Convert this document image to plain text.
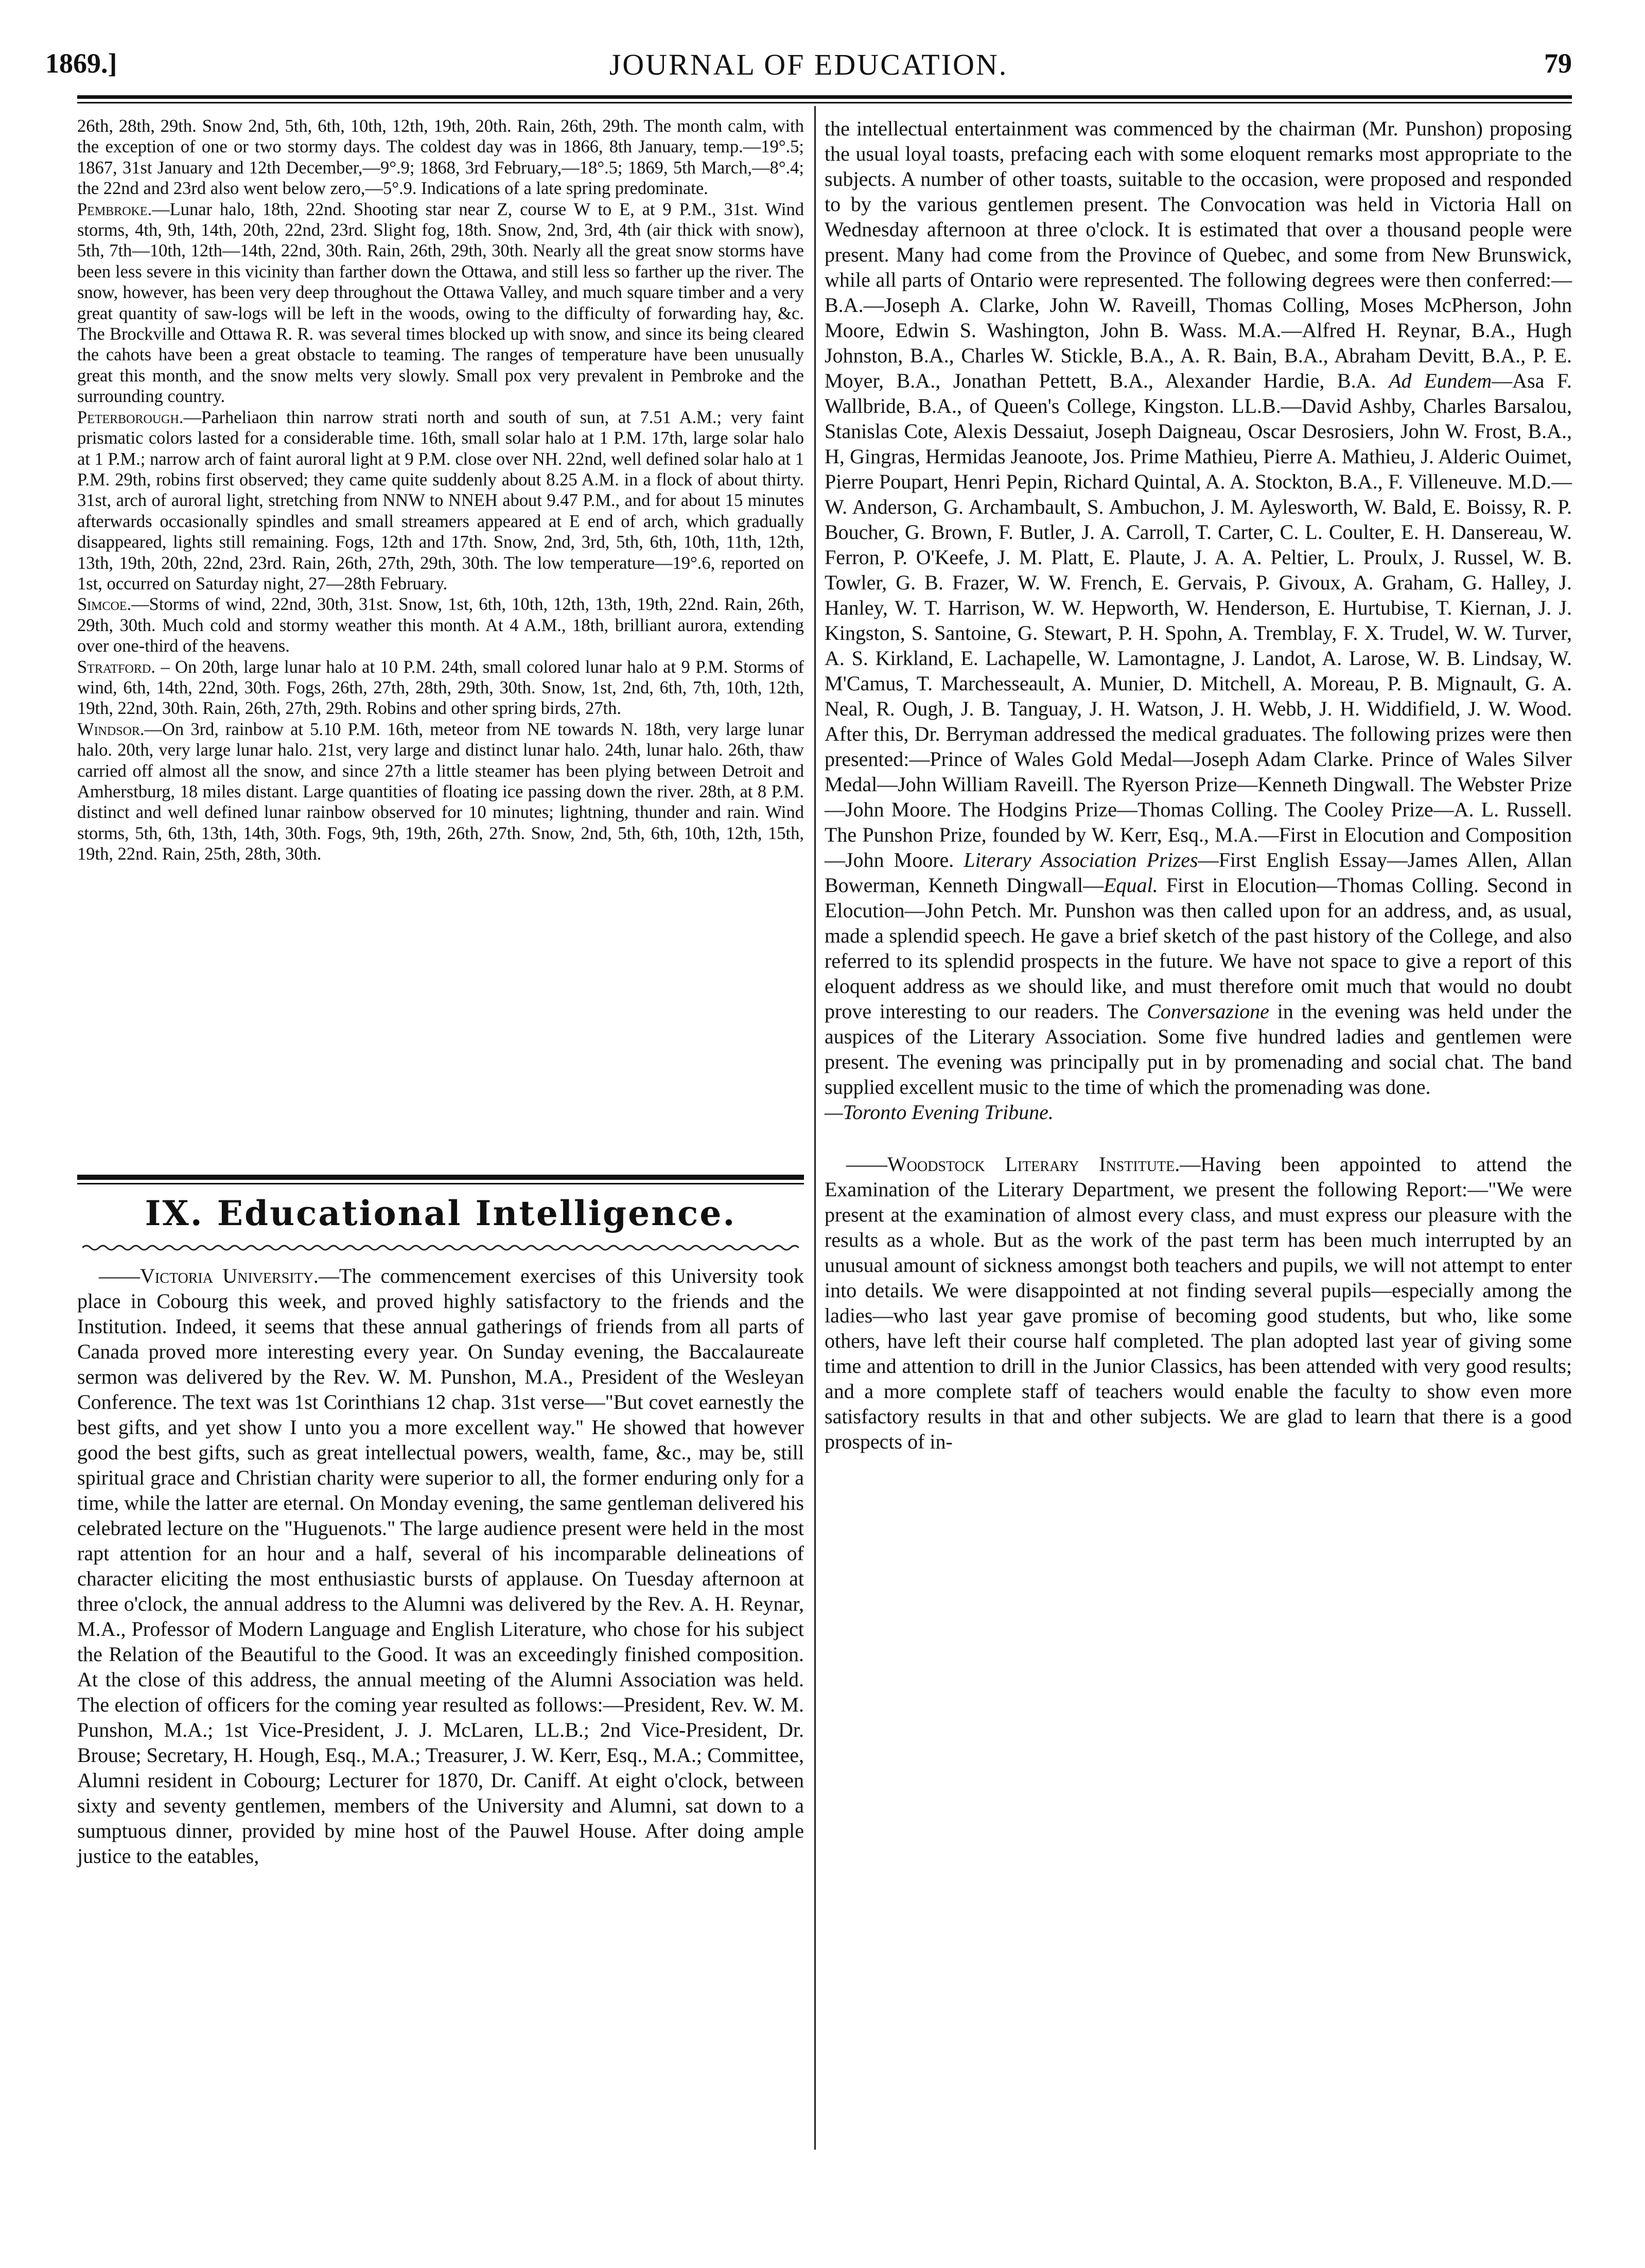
1869.]	JOURNAL OF EDUCATION.	79

26th, 28th, 29th. Snow 2nd, 5th, 6th, 10th, 12th, 19th, 20th. Rain, 26th, 29th. The month calm, with the exception of one or two stormy days. The coldest day was in 1866, 8th January, temp.—19°.5; 1867, 31st January and 12th December,—9°.9; 1868, 3rd February,—18°.5; 1869, 5th March,—8°.4; the 22nd and 23rd also went below zero,—5°.9. Indications of a late spring predominate.

Pembroke.—Lunar halo, 18th, 22nd. Shooting star near Z, course W to E, at 9 P.M., 31st. Wind storms, 4th, 9th, 14th, 20th, 22nd, 23rd. Slight fog, 18th. Snow, 2nd, 3rd, 4th (air thick with snow), 5th, 7th—10th, 12th—14th, 22nd, 30th. Rain, 26th, 29th, 30th. Nearly all the great snow storms have been less severe in this vicinity than farther down the Ottawa, and still less so farther up the river. The snow, however, has been very deep throughout the Ottawa Valley, and much square timber and a very great quantity of saw-logs will be left in the woods, owing to the difficulty of forwarding hay, &c. The Brockville and Ottawa R. R. was several times blocked up with snow, and since its being cleared the cahots have been a great obstacle to teaming. The ranges of temperature have been unusually great this month, and the snow melts very slowly. Small pox very prevalent in Pembroke and the surrounding country.

Peterborough.—Parheliaon thin narrow strati north and south of sun, at 7.51 A.M.; very faint prismatic colors lasted for a considerable time. 16th, small solar halo at 1 P.M. 17th, large solar halo at 1 P.M.; narrow arch of faint auroral light at 9 P.M. close over NH. 22nd, well defined solar halo at 1 P.M. 29th, robins first observed; they came quite suddenly about 8.25 A.M. in a flock of about thirty. 31st, arch of auroral light, stretching from NNW to NNEH about 9.47 P.M., and for about 15 minutes afterwards occasionally spindles and small streamers appeared at E end of arch, which gradually disappeared, lights still remaining. Fogs, 12th and 17th. Snow, 2nd, 3rd, 5th, 6th, 10th, 11th, 12th, 13th, 19th, 20th, 22nd, 23rd. Rain, 26th, 27th, 29th, 30th. The low temperature—19°.6, reported on 1st, occurred on Saturday night, 27—28th February.

Simcoe.—Storms of wind, 22nd, 30th, 31st. Snow, 1st, 6th, 10th, 12th, 13th, 19th, 22nd. Rain, 26th, 29th, 30th. Much cold and stormy weather this month. At 4 A.M., 18th, brilliant aurora, extending over one-third of the heavens.

Stratford. – On 20th, large lunar halo at 10 P.M. 24th, small colored lunar halo at 9 P.M. Storms of wind, 6th, 14th, 22nd, 30th. Fogs, 26th, 27th, 28th, 29th, 30th. Snow, 1st, 2nd, 6th, 7th, 10th, 12th, 19th, 22nd, 30th. Rain, 26th, 27th, 29th. Robins and other spring birds, 27th.

Windsor.—On 3rd, rainbow at 5.10 P.M. 16th, meteor from NE towards N. 18th, very large lunar halo. 20th, very large lunar halo. 21st, very large and distinct lunar halo. 24th, lunar halo. 26th, thaw carried off almost all the snow, and since 27th a little steamer has been plying between Detroit and Amherstburg, 18 miles distant. Large quantities of floating ice passing down the river. 28th, at 8 P.M. distinct and well defined lunar rainbow observed for 10 minutes; lightning, thunder and rain. Wind storms, 5th, 6th, 13th, 14th, 30th. Fogs, 9th, 19th, 26th, 27th. Snow, 2nd, 5th, 6th, 10th, 12th, 15th, 19th, 22nd. Rain, 25th, 28th, 30th.

IX. Educational Intelligence.

——Victoria University.—The commencement exercises of this University took place in Cobourg this week, and proved highly satisfactory to the friends and the Institution. Indeed, it seems that these annual gatherings of friends from all parts of Canada proved more interesting every year. On Sunday evening, the Baccalaureate sermon was delivered by the Rev. W. M. Punshon, M.A., President of the Wesleyan Conference. The text was 1st Corinthians 12 chap. 31st verse—"But covet earnestly the best gifts, and yet show I unto you a more excellent way." He showed that however good the best gifts, such as great intellectual powers, wealth, fame, &c., may be, still spiritual grace and Christian charity were superior to all, the former enduring only for a time, while the latter are eternal. On Monday evening, the same gentleman delivered his celebrated lecture on the "Huguenots." The large audience present were held in the most rapt attention for an hour and a half, several of his incomparable delineations of character eliciting the most enthusiastic bursts of applause. On Tuesday afternoon at three o'clock, the annual address to the Alumni was delivered by the Rev. A. H. Reynar, M.A., Professor of Modern Language and English Literature, who chose for his subject the Relation of the Beautiful to the Good. It was an exceedingly finished composition. At the close of this address, the annual meeting of the Alumni Association was held. The election of officers for the coming year resulted as follows:—President, Rev. W. M. Punshon, M.A.; 1st Vice-President, J. J. McLaren, LL.B.; 2nd Vice-President, Dr. Brouse; Secretary, H. Hough, Esq., M.A.; Treasurer, J. W. Kerr, Esq., M.A.; Committee, Alumni resident in Cobourg; Lecturer for 1870, Dr. Caniff. At eight o'clock, between sixty and seventy gentlemen, members of the University and Alumni, sat down to a sumptuous dinner, provided by mine host of the Pauwel House. After doing ample justice to the eatables,

the intellectual entertainment was commenced by the chairman (Mr. Punshon) proposing the usual loyal toasts, prefacing each with some eloquent remarks most appropriate to the subjects. A number of other toasts, suitable to the occasion, were proposed and responded to by the various gentlemen present. The Convocation was held in Victoria Hall on Wednesday afternoon at three o'clock. It is estimated that over a thousand people were present. Many had come from the Province of Quebec, and some from New Brunswick, while all parts of Ontario were represented. The following degrees were then conferred:—B.A.—Joseph A. Clarke, John W. Raveill, Thomas Colling, Moses McPherson, John Moore, Edwin S. Washington, John B. Wass. M.A.—Alfred H. Reynar, B.A., Hugh Johnston, B.A., Charles W. Stickle, B.A., A. R. Bain, B.A., Abraham Devitt, B.A., P. E. Moyer, B.A., Jonathan Pettett, B.A., Alexander Hardie, B.A. Ad Eundem—Asa F. Wallbride, B.A., of Queen's College, Kingston. LL.B.—David Ashby, Charles Barsalou, Stanislas Cote, Alexis Dessaiut, Joseph Daigneau, Oscar Desrosiers, John W. Frost, B.A., H, Gingras, Hermidas Jeanoote, Jos. Prime Mathieu, Pierre A. Mathieu, J. Alderic Ouimet, Pierre Poupart, Henri Pepin, Richard Quintal, A. A. Stockton, B.A., F. Villeneuve. M.D.—W. Anderson, G. Archambault, S. Ambuchon, J. M. Aylesworth, W. Bald, E. Boissy, R. P. Boucher, G. Brown, F. Butler, J. A. Carroll, T. Carter, C. L. Coulter, E. H. Dansereau, W. Ferron, P. O'Keefe, J. M. Platt, E. Plaute, J. A. A. Peltier, L. Proulx, J. Russel, W. B. Towler, G. B. Frazer, W. W. French, E. Gervais, P. Givoux, A. Graham, G. Halley, J. Hanley, W. T. Harrison, W. W. Hepworth, W. Henderson, E. Hurtubise, T. Kiernan, J. J. Kingston, S. Santoine, G. Stewart, P. H. Spohn, A. Tremblay, F. X. Trudel, W. W. Turver, A. S. Kirkland, E. Lachapelle, W. Lamontagne, J. Landot, A. Larose, W. B. Lindsay, W. M'Camus, T. Marchesseault, A. Munier, D. Mitchell, A. Moreau, P. B. Mignault, G. A. Neal, R. Ough, J. B. Tanguay, J. H. Watson, J. H. Webb, J. H. Widdifield, J. W. Wood. After this, Dr. Berryman addressed the medical graduates. The following prizes were then presented:—Prince of Wales Gold Medal—Joseph Adam Clarke. Prince of Wales Silver Medal—John William Raveill. The Ryerson Prize—Kenneth Dingwall. The Webster Prize—John Moore. The Hodgins Prize—Thomas Colling. The Cooley Prize—A. L. Russell. The Punshon Prize, founded by W. Kerr, Esq., M.A.—First in Elocution and Composition—John Moore. Literary Association Prizes—First English Essay—James Allen, Allan Bowerman, Kenneth Dingwall—Equal. First in Elocution—Thomas Colling. Second in Elocution—John Petch. Mr. Punshon was then called upon for an address, and, as usual, made a splendid speech. He gave a brief sketch of the past history of the College, and also referred to its splendid prospects in the future. We have not space to give a report of this eloquent address as we should like, and must therefore omit much that would no doubt prove interesting to our readers. The Conversazione in the evening was held under the auspices of the Literary Association. Some five hundred ladies and gentlemen were present. The evening was principally put in by promenading and social chat. The band supplied excellent music to the time of which the promenading was done.

—Toronto Evening Tribune.

——Woodstock Literary Institute.—Having been appointed to attend the Examination of the Literary Department, we present the following Report:—"We were present at the examination of almost every class, and must express our pleasure with the results as a whole. But as the work of the past term has been much interrupted by an unusual amount of sickness amongst both teachers and pupils, we will not attempt to enter into details. We were disappointed at not finding several pupils—especially among the ladies—who last year gave promise of becoming good students, but who, like some others, have left their course half completed. The plan adopted last year of giving some time and attention to drill in the Junior Classics, has been attended with very good results; and a more complete staff of teachers would enable the faculty to show even more satisfactory results in that and other subjects. We are glad to learn that there is a good prospects of in-
